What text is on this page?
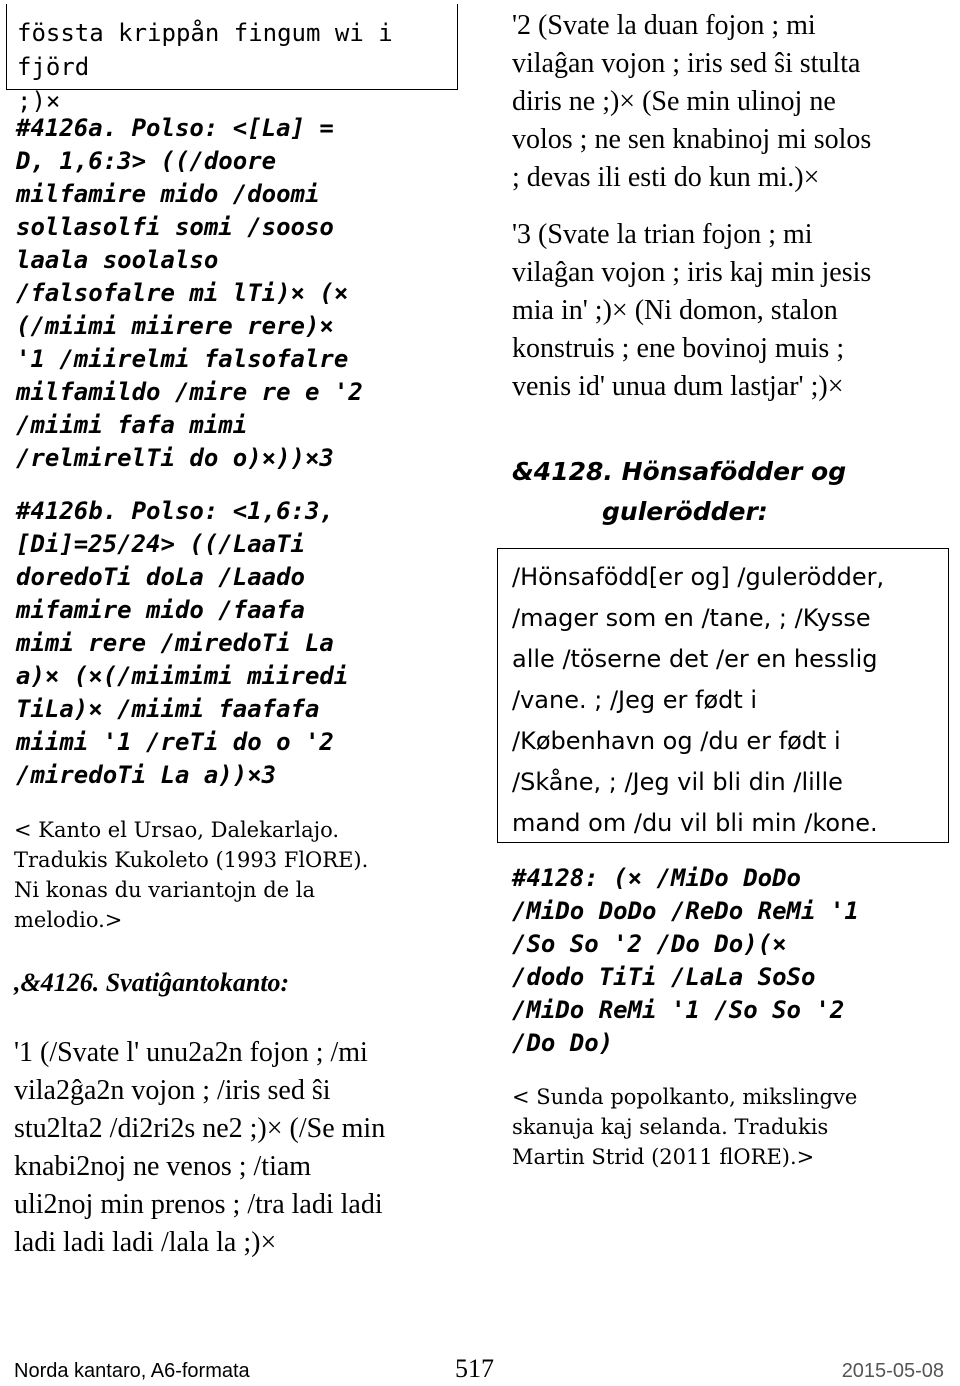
fössta krippån fingum wi i fjörd
;)×

#4126a. Polso: <[La] =
D, 1,6:3> ((/doore
milfamire mido /doomi
sollasolfi somi /sooso
laala soolalso
/falsofalre mi lTi)× (×
(/miimi miirere rere)×
'1 /miirelmi falsofalre
milfamildo /mire re e '2
/miimi fafa mimi
/relmirelTi do o)×))×3

#4126b. Polso: <1,6:3,
[Di]=25/24> ((/LaaTi
doredoTi doLa /Laado
mifamire mido /faafa
mimi rere /miredoTi La
a)× (×(/miimimi miiredi
TiLa)× /miimi faafafa
miimi '1 /reTi do o '2
/miredoTi La a))×3

< Kanto el Ursao, Dalekarlajo.
Tradukis Kukoleto (1993 FlORE).
Ni konas du variantojn de la
melodio.>

,&4126. Svatiĝantokanto:

'1 (/Svate l' unu2a2n fojon ; /mi
vila2ĝa2n vojon ; /iris sed ŝi
stu2lta2 /di2ri2s ne2 ;)× (/Se min
knabi2noj ne venos ; /tiam
uli2noj min prenos ; /tra ladi ladi
ladi ladi ladi /lala la ;)×

'2 (Svate la duan fojon ; mi
vilaĝan vojon ; iris sed ŝi stulta
diris ne ;)× (Se min ulinoj ne
volos ; ne sen knabinoj mi solos
; devas ili esti do kun mi.)×

'3 (Svate la trian fojon ; mi
vilaĝan vojon ; iris kaj min jesis
mia in' ;)× (Ni domon, stalon
konstruis ; ene bovinoj muis ;
venis id' unua dum lastjar' ;)×

&4128. Hönsafödder og

gulerödder:

/Hönsafödd[er og] /gulerödder,
/mager som en /tane, ; /Kysse
alle /töserne det /er en hesslig
/vane. ; /Jeg er født i
/København og /du er født i
/Skåne, ; /Jeg vil bli din /lille
mand om /du vil bli min /kone.

#4128: (× /MiDo DoDo
/MiDo DoDo /ReDo ReMi '1
/So So '2 /Do Do)(×
/dodo TiTi /LaLa SoSo
/MiDo ReMi '1 /So So '2
/Do Do)

< Sunda popolkanto, mikslingve
skanuja kaj selanda. Tradukis
Martin Strid (2011 flORE).>

Norda kantaro, A6-formata	517	2015-05-08
